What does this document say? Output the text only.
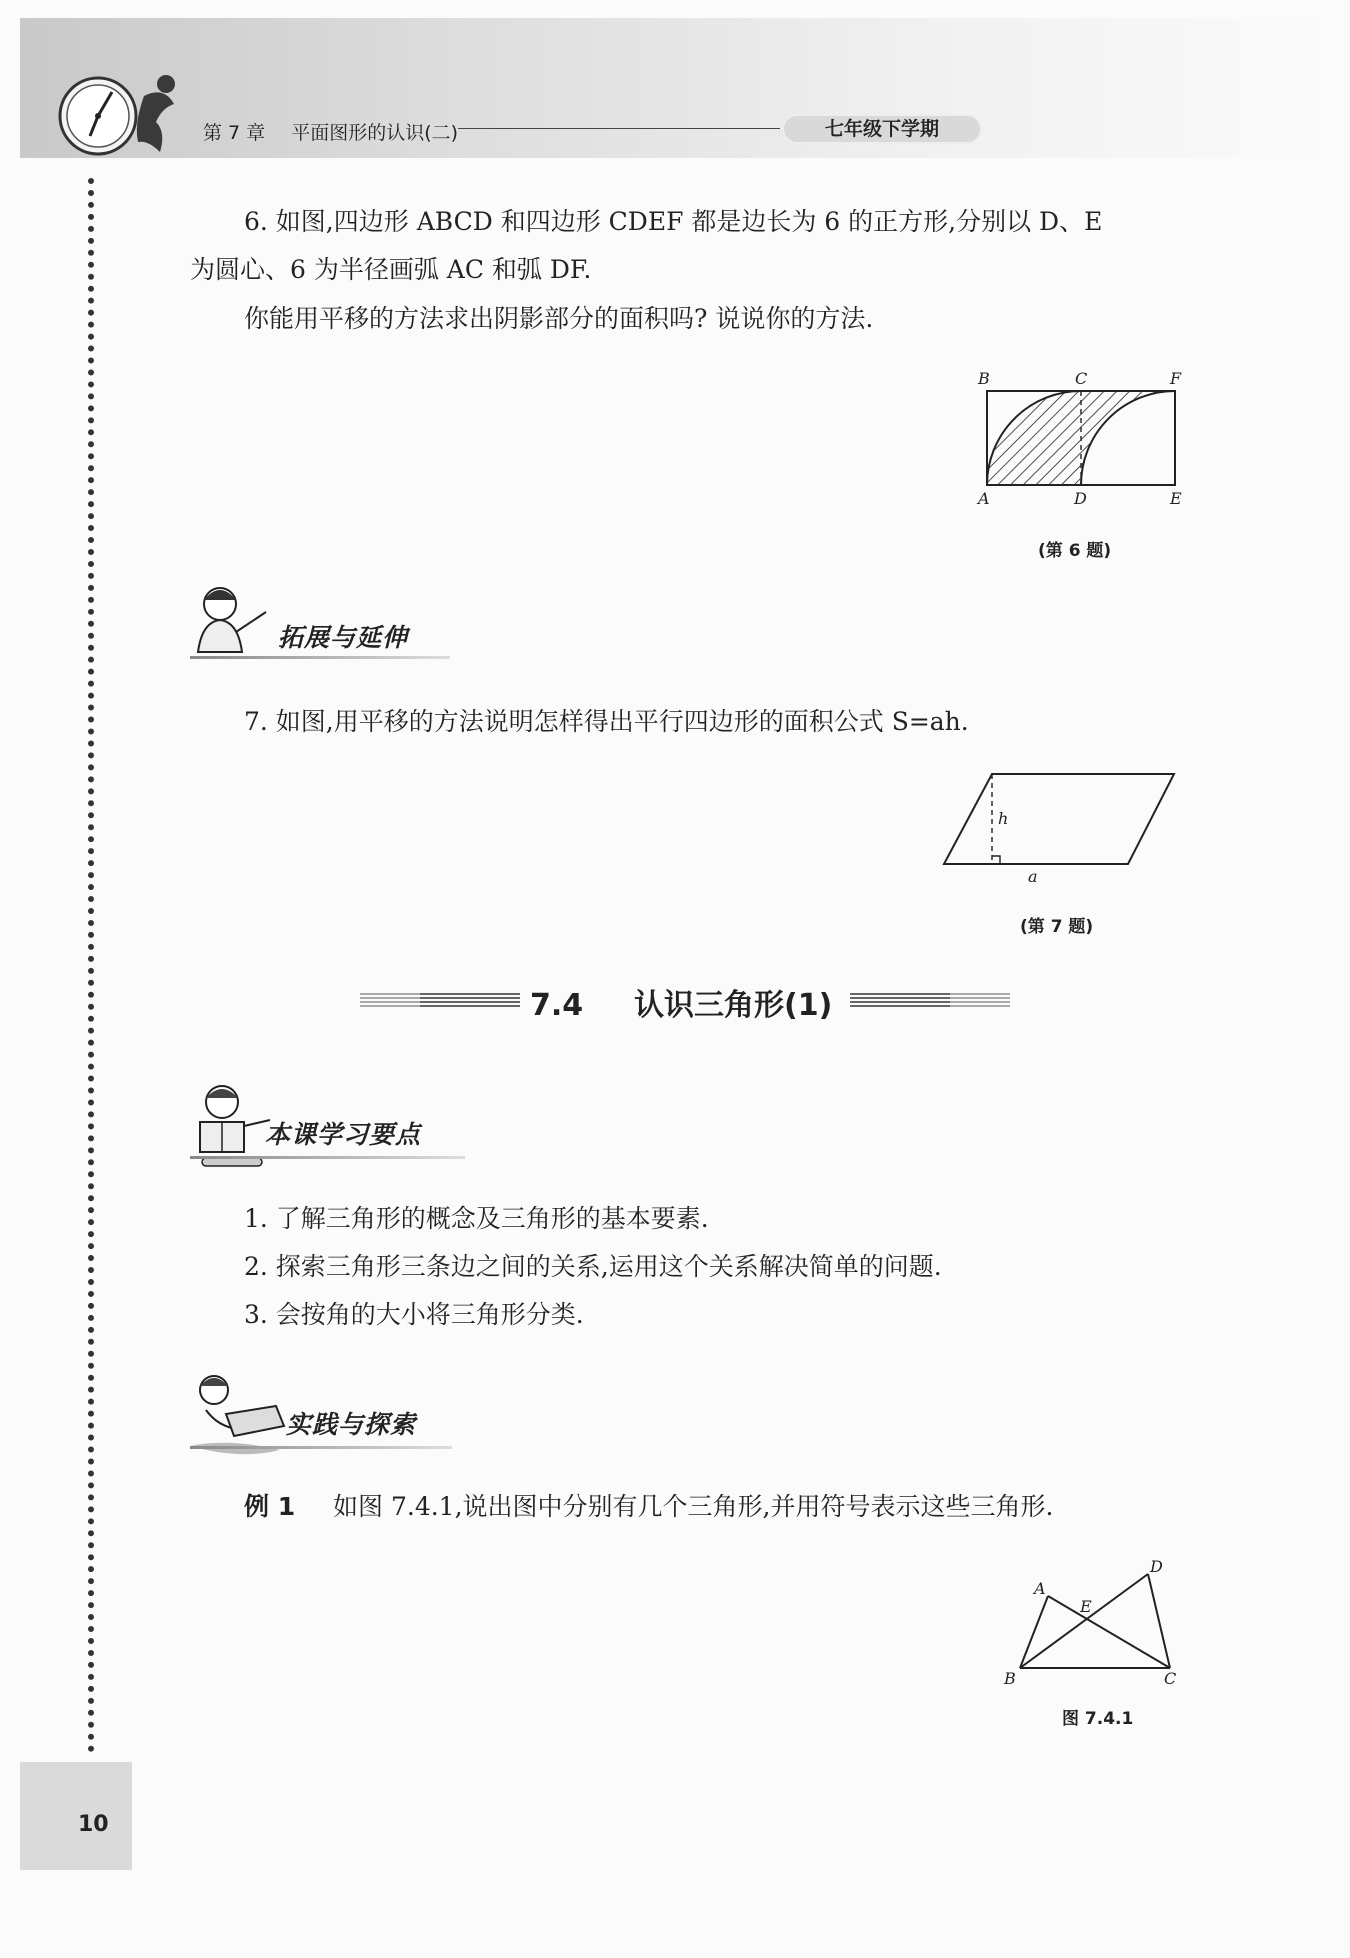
第 7 章 平面图形的认识(二)	七年级下学期
6. 如图,四边形 ABCD 和四边形 CDEF 都是边长为 6 的正方形,分别以 D、E
为圆心、6 为半径画弧 AC 和弧 DF.
你能用平移的方法求出阴影部分的面积吗? 说说你的方法.
B	C	F
A	D	E
(第 6 题)
拓展与延伸
7. 如图,用平移的方法说明怎样得出平行四边形的面积公式 S=ah.
h
a
(第 7 题)
7.4 认识三角形(1)
本课学习要点
1. 了解三角形的概念及三角形的基本要素.
2. 探索三角形三条边之间的关系,运用这个关系解决简单的问题.
3. 会按角的大小将三角形分类.
实践与探索
例 1 如图 7.4.1,说出图中分别有几个三角形,并用符号表示这些三角形.
A
D
E
B	C
图 7.4.1
10
